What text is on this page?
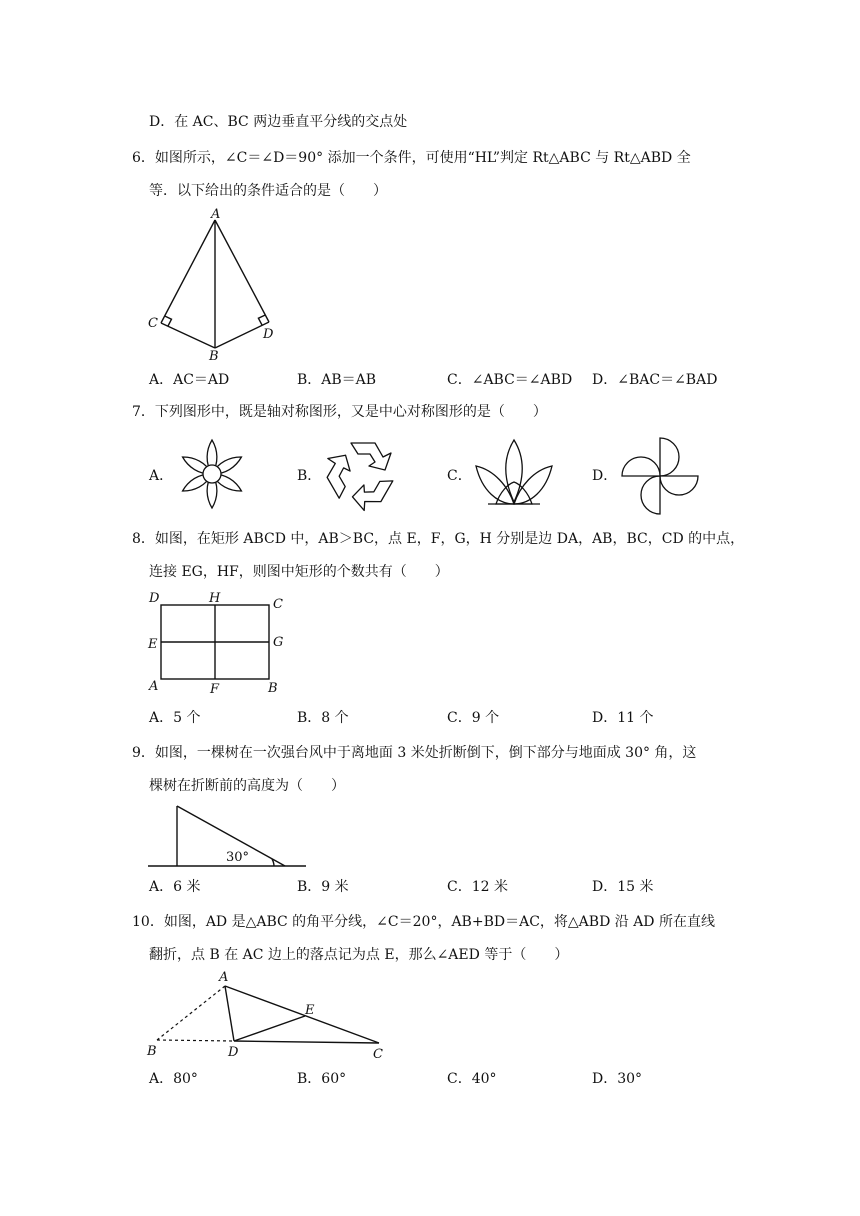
D．在 AC、BC 两边垂直平分线的交点处
6．如图所示，∠C＝∠D＝90° 添加一个条件，可使用“HL”判定 Rt△ABC 与 Rt△ABD 全
等．以下给出的条件适合的是（　　）
A
C
D
B
A．AC＝AD	B．AB＝AB	C．∠ABC＝∠ABD D．∠BAC＝∠BAD
7．下列图形中，既是轴对称图形，又是中心对称图形的是（　　）
A．	B．	C．	D．
8．如图，在矩形 ABCD 中，AB＞BC，点 E，F，G，H 分别是边 DA，AB，BC，CD 的中点，
连接 EG，HF，则图中矩形的个数共有（　　）
D	H	C
E	G
A	F	B
A．5 个	B．8 个	C．9 个	D．11 个
9．如图，一棵树在一次强台风中于离地面 3 米处折断倒下，倒下部分与地面成 30° 角，这
棵树在折断前的高度为（　　）
30°
A．6 米	B．9 米	C．12 米	D．15 米
10．如图，AD 是△ABC 的角平分线，∠C＝20°，AB+BD＝AC，将△ABD 沿 AD 所在直线
翻折，点 B 在 AC 边上的落点记为点 E，那么∠AED 等于（　　）
A
E
B	D	C
A．80°	B．60°	C．40°	D．30°
